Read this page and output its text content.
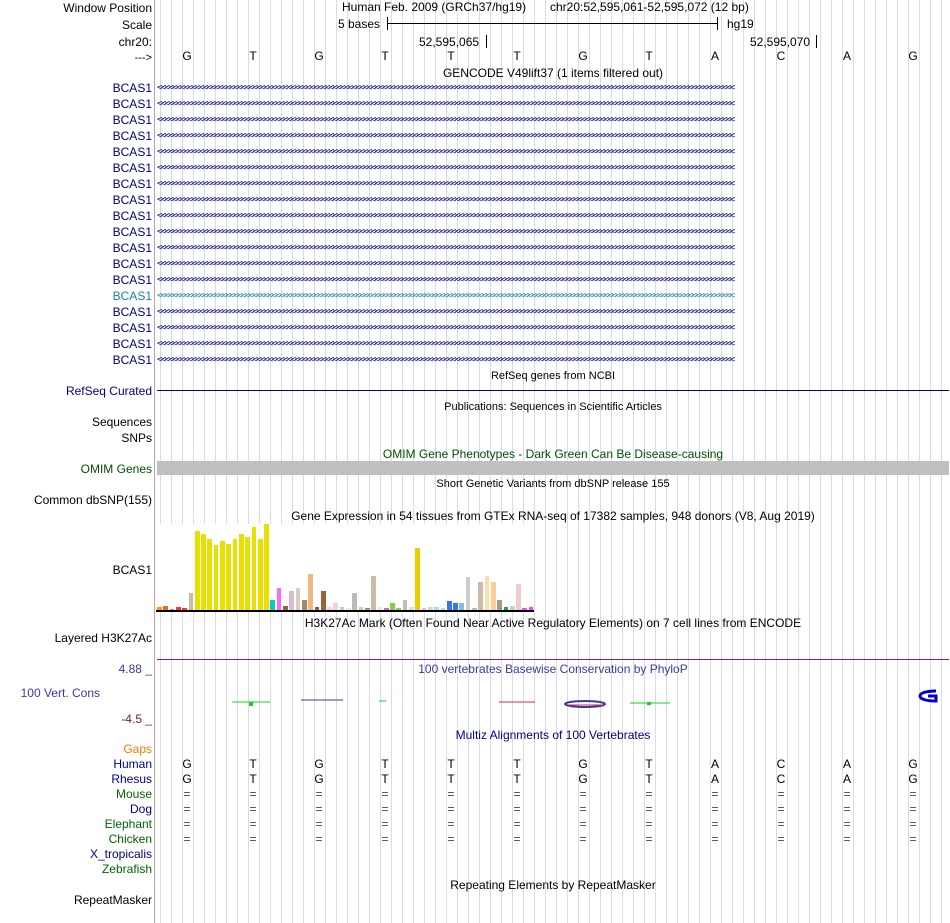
Window Position
Scale
chr20:
--->
Human Feb. 2009 (GRCh37/hg19) chr20:52,595,061-52,595,072 (12 bp)
5 bases	hg19
52,595,065	52,595,070
G	T	G	T	T	T	G	T	A	C	A	G
GENCODE V49lift37 (1 items filtered out)
BCAS1 <<<<<<<<<<<<<<<<<<<<<<<<<<<<<<<<<<<<<<<<<<<<<<<<<<<<<<<<<<<<<<<<<<<<<<<<<<<<<<<<<<<<<<<<<<<<<<<<<<<<<<<<<<<<<<<<<<<<<<<<<<<<<<<<<<<<<<<<<<<<<<<<<<<<<<<
BCAS1 <<<<<<<<<<<<<<<<<<<<<<<<<<<<<<<<<<<<<<<<<<<<<<<<<<<<<<<<<<<<<<<<<<<<<<<<<<<<<<<<<<<<<<<<<<<<<<<<<<<<<<<<<<<<<<<<<<<<<<<<<<<<<<<<<<<<<<<<<<<<<<<<<<<<<<<
BCAS1 <<<<<<<<<<<<<<<<<<<<<<<<<<<<<<<<<<<<<<<<<<<<<<<<<<<<<<<<<<<<<<<<<<<<<<<<<<<<<<<<<<<<<<<<<<<<<<<<<<<<<<<<<<<<<<<<<<<<<<<<<<<<<<<<<<<<<<<<<<<<<<<<<<<<<<<
BCAS1 <<<<<<<<<<<<<<<<<<<<<<<<<<<<<<<<<<<<<<<<<<<<<<<<<<<<<<<<<<<<<<<<<<<<<<<<<<<<<<<<<<<<<<<<<<<<<<<<<<<<<<<<<<<<<<<<<<<<<<<<<<<<<<<<<<<<<<<<<<<<<<<<<<<<<<<
BCAS1 <<<<<<<<<<<<<<<<<<<<<<<<<<<<<<<<<<<<<<<<<<<<<<<<<<<<<<<<<<<<<<<<<<<<<<<<<<<<<<<<<<<<<<<<<<<<<<<<<<<<<<<<<<<<<<<<<<<<<<<<<<<<<<<<<<<<<<<<<<<<<<<<<<<<<<<
BCAS1 <<<<<<<<<<<<<<<<<<<<<<<<<<<<<<<<<<<<<<<<<<<<<<<<<<<<<<<<<<<<<<<<<<<<<<<<<<<<<<<<<<<<<<<<<<<<<<<<<<<<<<<<<<<<<<<<<<<<<<<<<<<<<<<<<<<<<<<<<<<<<<<<<<<<<<<
BCAS1 <<<<<<<<<<<<<<<<<<<<<<<<<<<<<<<<<<<<<<<<<<<<<<<<<<<<<<<<<<<<<<<<<<<<<<<<<<<<<<<<<<<<<<<<<<<<<<<<<<<<<<<<<<<<<<<<<<<<<<<<<<<<<<<<<<<<<<<<<<<<<<<<<<<<<<<
BCAS1 <<<<<<<<<<<<<<<<<<<<<<<<<<<<<<<<<<<<<<<<<<<<<<<<<<<<<<<<<<<<<<<<<<<<<<<<<<<<<<<<<<<<<<<<<<<<<<<<<<<<<<<<<<<<<<<<<<<<<<<<<<<<<<<<<<<<<<<<<<<<<<<<<<<<<<<
BCAS1 <<<<<<<<<<<<<<<<<<<<<<<<<<<<<<<<<<<<<<<<<<<<<<<<<<<<<<<<<<<<<<<<<<<<<<<<<<<<<<<<<<<<<<<<<<<<<<<<<<<<<<<<<<<<<<<<<<<<<<<<<<<<<<<<<<<<<<<<<<<<<<<<<<<<<<<
BCAS1 <<<<<<<<<<<<<<<<<<<<<<<<<<<<<<<<<<<<<<<<<<<<<<<<<<<<<<<<<<<<<<<<<<<<<<<<<<<<<<<<<<<<<<<<<<<<<<<<<<<<<<<<<<<<<<<<<<<<<<<<<<<<<<<<<<<<<<<<<<<<<<<<<<<<<<<
BCAS1 <<<<<<<<<<<<<<<<<<<<<<<<<<<<<<<<<<<<<<<<<<<<<<<<<<<<<<<<<<<<<<<<<<<<<<<<<<<<<<<<<<<<<<<<<<<<<<<<<<<<<<<<<<<<<<<<<<<<<<<<<<<<<<<<<<<<<<<<<<<<<<<<<<<<<<<
BCAS1 <<<<<<<<<<<<<<<<<<<<<<<<<<<<<<<<<<<<<<<<<<<<<<<<<<<<<<<<<<<<<<<<<<<<<<<<<<<<<<<<<<<<<<<<<<<<<<<<<<<<<<<<<<<<<<<<<<<<<<<<<<<<<<<<<<<<<<<<<<<<<<<<<<<<<<<
BCAS1 <<<<<<<<<<<<<<<<<<<<<<<<<<<<<<<<<<<<<<<<<<<<<<<<<<<<<<<<<<<<<<<<<<<<<<<<<<<<<<<<<<<<<<<<<<<<<<<<<<<<<<<<<<<<<<<<<<<<<<<<<<<<<<<<<<<<<<<<<<<<<<<<<<<<<<<
BCAS1 <<<<<<<<<<<<<<<<<<<<<<<<<<<<<<<<<<<<<<<<<<<<<<<<<<<<<<<<<<<<<<<<<<<<<<<<<<<<<<<<<<<<<<<<<<<<<<<<<<<<<<<<<<<<<<<<<<<<<<<<<<<<<<<<<<<<<<<<<<<<<<<<<<<<<<<
BCAS1 <<<<<<<<<<<<<<<<<<<<<<<<<<<<<<<<<<<<<<<<<<<<<<<<<<<<<<<<<<<<<<<<<<<<<<<<<<<<<<<<<<<<<<<<<<<<<<<<<<<<<<<<<<<<<<<<<<<<<<<<<<<<<<<<<<<<<<<<<<<<<<<<<<<<<<<
BCAS1 <<<<<<<<<<<<<<<<<<<<<<<<<<<<<<<<<<<<<<<<<<<<<<<<<<<<<<<<<<<<<<<<<<<<<<<<<<<<<<<<<<<<<<<<<<<<<<<<<<<<<<<<<<<<<<<<<<<<<<<<<<<<<<<<<<<<<<<<<<<<<<<<<<<<<<<
BCAS1 <<<<<<<<<<<<<<<<<<<<<<<<<<<<<<<<<<<<<<<<<<<<<<<<<<<<<<<<<<<<<<<<<<<<<<<<<<<<<<<<<<<<<<<<<<<<<<<<<<<<<<<<<<<<<<<<<<<<<<<<<<<<<<<<<<<<<<<<<<<<<<<<<<<<<<<
BCAS1 <<<<<<<<<<<<<<<<<<<<<<<<<<<<<<<<<<<<<<<<<<<<<<<<<<<<<<<<<<<<<<<<<<<<<<<<<<<<<<<<<<<<<<<<<<<<<<<<<<<<<<<<<<<<<<<<<<<<<<<<<<<<<<<<<<<<<<<<<<<<<<<<<<<<<<<
RefSeq genes from NCBI
RefSeq Curated
Publications: Sequences in Scientific Articles
Sequences
SNPs
OMIM Gene Phenotypes - Dark Green Can Be Disease-causing
OMIM Genes
Short Genetic Variants from dbSNP release 155
Common dbSNP(155)
Gene Expression in 54 tissues from GTEx RNA-seq of 17382 samples, 948 donors (V8, Aug 2019)
BCAS1
H3K27Ac Mark (Often Found Near Active Regulatory Elements) on 7 cell lines from ENCODE
Layered H3K27Ac
100 vertebrates Basewise Conservation by PhyloP
4.88 _
100 Vert. Cons
-4.5 _
Multiz Alignments of 100 Vertebrates
Gaps
Human	G	T	G	T	T	T	G	T	A	C	A	G
Rhesus	G	T	G	T	T	T	G	T	A	C	A	G
Mouse	=	=	=	=	=	=	=	=	=	=	=	=
Dog	=	=	=	=	=	=	=	=	=	=	=	=
Elephant	=	=	=	=	=	=	=	=	=	=	=	=
Chicken	=	=	=	=	=	=	=	=	=	=	=	=
X_tropicalis
Zebrafish
Repeating Elements by RepeatMasker
RepeatMasker
